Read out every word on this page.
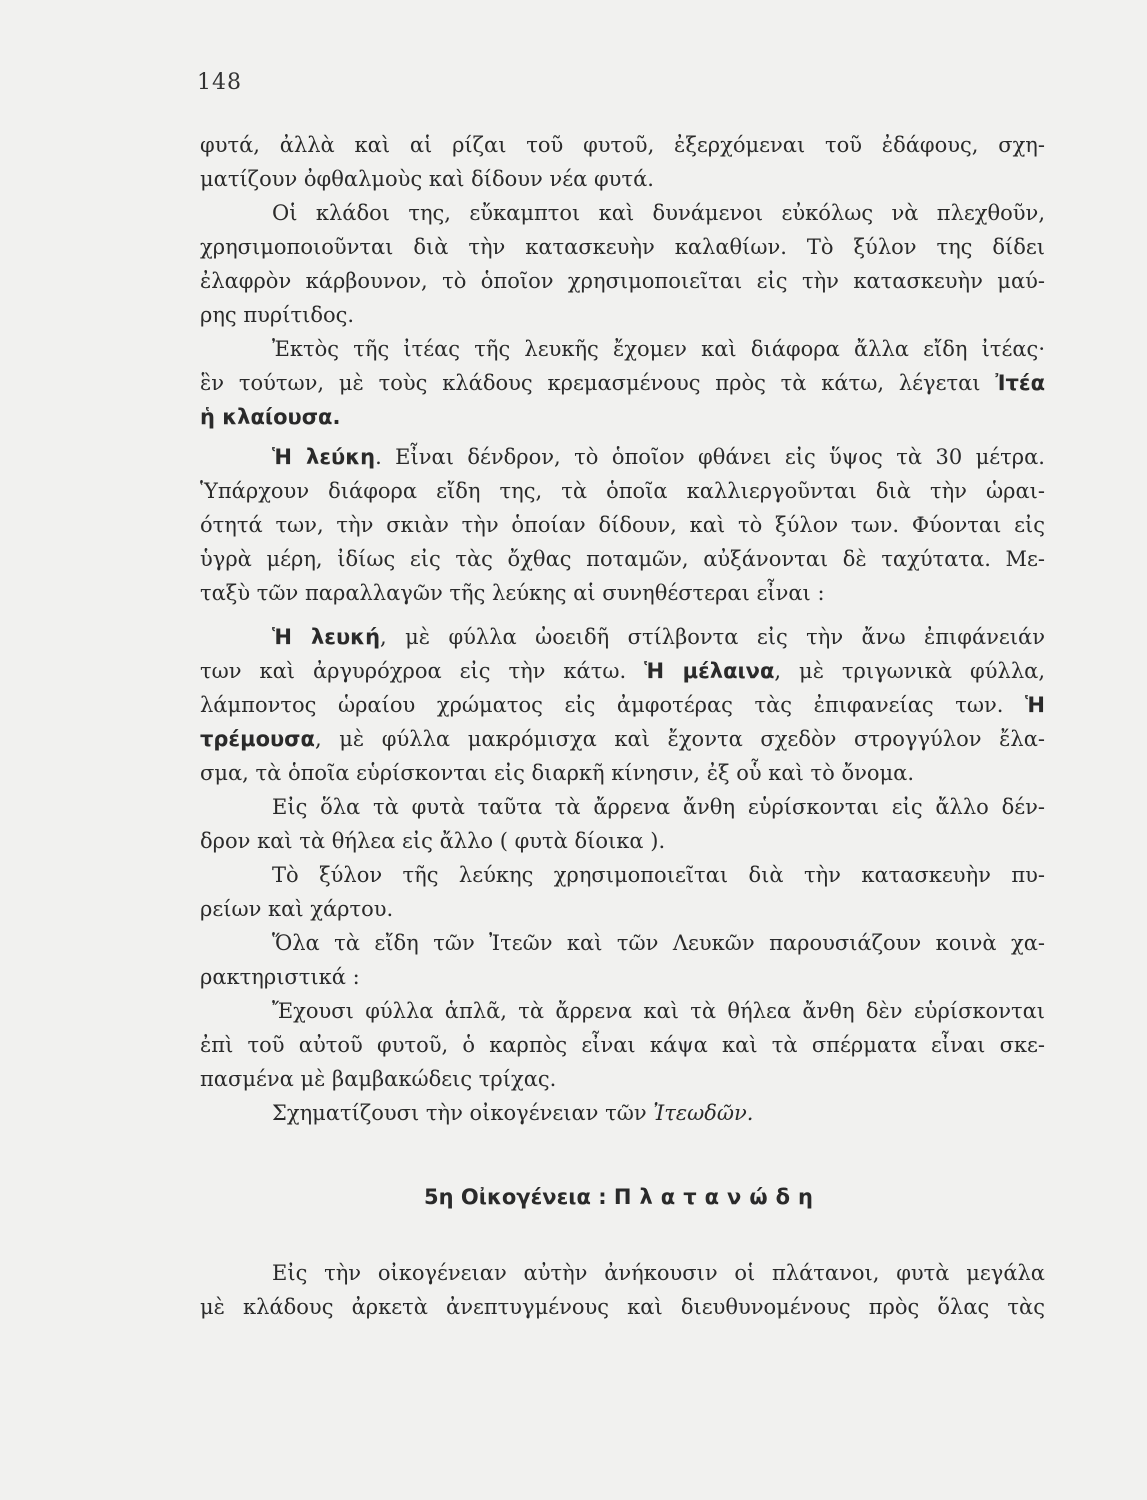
148
φυτά, ἀλλὰ καὶ αἱ ρίζαι τοῦ φυτοῦ, ἐξερχόμεναι τοῦ ἐδάφους, σχη-
ματίζουν ὀφθαλμοὺς καὶ δίδουν νέα φυτά.
Οἱ κλάδοι της, εὔκαμπτοι καὶ δυνάμενοι εὐκόλως νὰ πλεχθοῦν,
χρησιμοποιοῦνται διὰ τὴν κατασκευὴν καλαθίων. Τὸ ξύλον της δίδει
ἐλαφρὸν κάρβουνον, τὸ ὁποῖον χρησιμοποιεῖται εἰς τὴν κατασκευὴν μαύ-
ρης πυρίτιδος.
Ἐκτὸς τῆς ἰτέας τῆς λευκῆς ἔχομεν καὶ διάφορα ἄλλα εἴδη ἰτέας·
ἓν τούτων, μὲ τοὺς κλάδους κρεμασμένους πρὸς τὰ κάτω, λέγεται Ἰτέα
ἡ κλαίουσα.
Ἡ λεύκη. Εἶναι δένδρον, τὸ ὁποῖον φθάνει εἰς ὕψος τὰ 30 μέτρα.
Ὑπάρχουν διάφορα εἴδη της, τὰ ὁποῖα καλλιεργοῦνται διὰ τὴν ὡραι-
ότητά των, τὴν σκιὰν τὴν ὁποίαν δίδουν, καὶ τὸ ξύλον των. Φύονται εἰς
ὑγρὰ μέρη, ἰδίως εἰς τὰς ὄχθας ποταμῶν, αὐξάνονται δὲ ταχύτατα. Με-
ταξὺ τῶν παραλλαγῶν τῆς λεύκης αἱ συνηθέστεραι εἶναι :
Ἡ λευκή, μὲ φύλλα ὠοειδῆ στίλβοντα εἰς τὴν ἄνω ἐπιφάνειάν
των καὶ ἀργυρόχροα εἰς τὴν κάτω. Ἡ μέλαινα, μὲ τριγωνικὰ φύλλα,
λάμποντος ὡραίου χρώματος εἰς ἀμφοτέρας τὰς ἐπιφανείας των. Ἡ
τρέμουσα, μὲ φύλλα μακρόμισχα καὶ ἔχοντα σχεδὸν στρογγύλον ἔλα-
σμα, τὰ ὁποῖα εὑρίσκονται εἰς διαρκῆ κίνησιν, ἐξ οὗ καὶ τὸ ὄνομα.
Εἰς ὅλα τὰ φυτὰ ταῦτα τὰ ἄρρενα ἄνθη εὑρίσκονται εἰς ἄλλο δέν-
δρον καὶ τὰ θήλεα εἰς ἄλλο ( φυτὰ δίοικα ).
Τὸ ξύλον τῆς λεύκης χρησιμοποιεῖται διὰ τὴν κατασκευὴν πυ-
ρείων καὶ χάρτου.
Ὅλα τὰ εἴδη τῶν Ἰτεῶν καὶ τῶν Λευκῶν παρουσιάζουν κοινὰ χα-
ρακτηριστικά :
Ἔχουσι φύλλα ἁπλᾶ, τὰ ἄρρενα καὶ τὰ θήλεα ἄνθη δὲν εὑρίσκονται
ἐπὶ τοῦ αὐτοῦ φυτοῦ, ὁ καρπὸς εἶναι κάψα καὶ τὰ σπέρματα εἶναι σκε-
πασμένα μὲ βαμβακώδεις τρίχας.
Σχηματίζουσι τὴν οἰκογένειαν τῶν Ἰτεωδῶν.
5η Οἰκογένεια : Πλατανώδη
Εἰς τὴν οἰκογένειαν αὐτὴν ἀνήκουσιν οἱ πλάτανοι, φυτὰ μεγάλα
μὲ κλάδους ἀρκετὰ ἀνεπτυγμένους καὶ διευθυνομένους πρὸς ὅλας τὰς
